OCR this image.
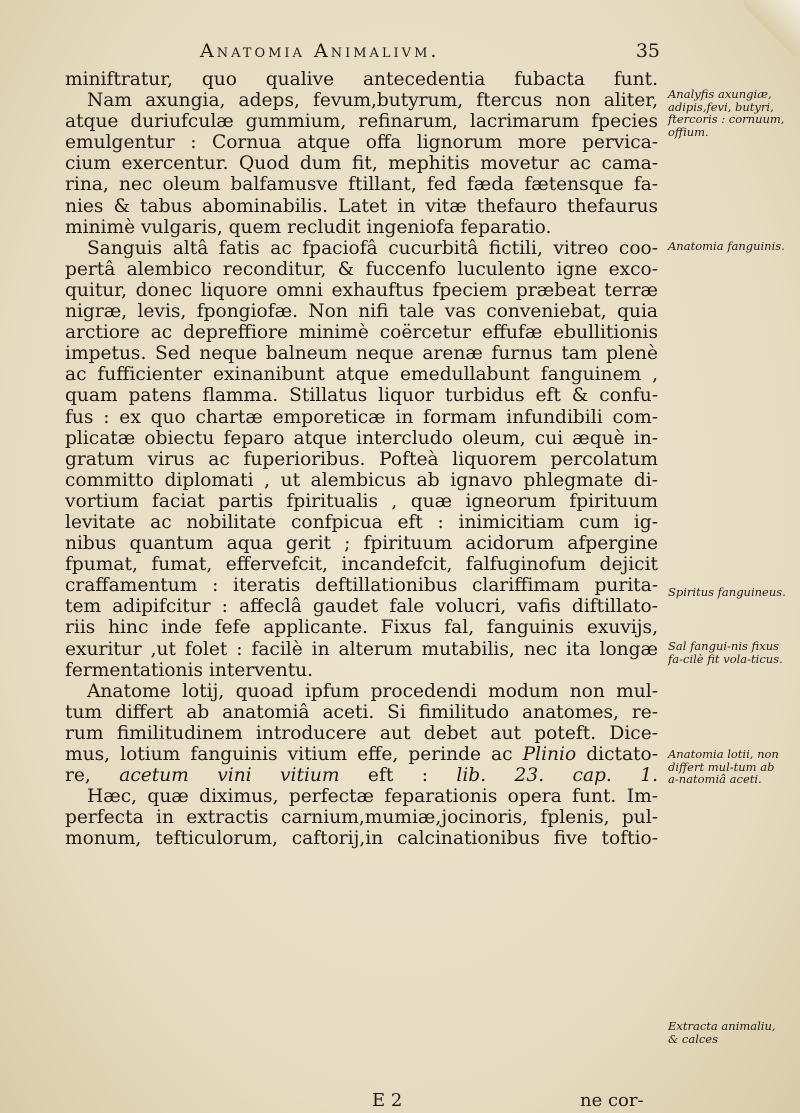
Anatomia Animalivm.	35
miniftratur, quo qualive antecedentia fubacta funt.
Nam axungia, adeps, fevum,butyrum, ftercus non aliter,
atque duriufculæ gummium, refinarum, lacrimarum fpecies
emulgentur : Cornua atque offa lignorum more pervica-
cium exercentur. Quod dum fit, mephitis movetur ac cama-
rina, nec oleum balfamusve ftillant, fed fæda fætensque fa-
nies & tabus abominabilis. Latet in vitæ thefauro thefaurus
minimè vulgaris, quem recludit ingeniofa feparatio.
Sanguis altâ fatis ac fpaciofâ cucurbitâ fictili, vitreo coo-
pertâ alembico reconditur, & fuccenfo luculento igne exco-
quitur, donec liquore omni exhauftus fpeciem præbeat terræ
nigræ, levis, fpongiofæ. Non nifi tale vas conveniebat, quia
arctiore ac depreffiore minimè coërcetur effufæ ebullitionis
impetus. Sed neque balneum neque arenæ furnus tam plenè
ac fufficienter exinanibunt atque emedullabunt fanguinem ,
quam patens flamma. Stillatus liquor turbidus eft & confu-
fus : ex quo chartæ emporeticæ in formam infundibili com-
plicatæ obiectu feparo atque intercludo oleum, cui æquè in-
gratum virus ac fuperioribus. Pofteà liquorem percolatum
committo diplomati , ut alembicus ab ignavo phlegmate di-
vortium faciat partis fpiritualis , quæ igneorum fpirituum
levitate ac nobilitate confpicua eft : inimicitiam cum ig-
nibus quantum aqua gerit ; fpirituum acidorum afpergine
fpumat, fumat, effervefcit, incandefcit, falfuginofum dejicit
craffamentum : iteratis deftillationibus clariffimam purita-
tem adipifcitur : affeclâ gaudet fale volucri, vafis diftillato-
riis hinc inde fefe applicante. Fixus fal, fanguinis exuvijs,
exuritur ,ut folet : facilè in alterum mutabilis, nec ita longæ
fermentationis interventu.
Anatome lotij, quoad ipfum procedendi modum non mul-
tum differt ab anatomiâ aceti. Si fimilitudo anatomes, re-
rum fimilitudinem introducere aut debet aut poteft. Dice-
mus, lotium fanguinis vitium effe, perinde ac Plinio dictato-
re, acetum vini vitium eft : lib. 23. cap. 1.
Hæc, quæ diximus, perfectæ feparationis opera funt. Im-
perfecta in extractis carnium,mumiæ,jocinoris, fplenis, pul-
monum, tefticulorum, caftorij,in calcinationibus five toftio-
Analyfis axungiæ, adipis,fevi, butyri, ftercoris : cornuum, offium.
Anatomia fanguinis.
Spiritus fanguineus.
Sal fangui-nis fixus fa-cilè fit vola-ticus.
Anatomia lotii, non differt mul-tum ab a-natomiâ aceti.
Extracta animaliu, & calces
E 2	ne cor-
